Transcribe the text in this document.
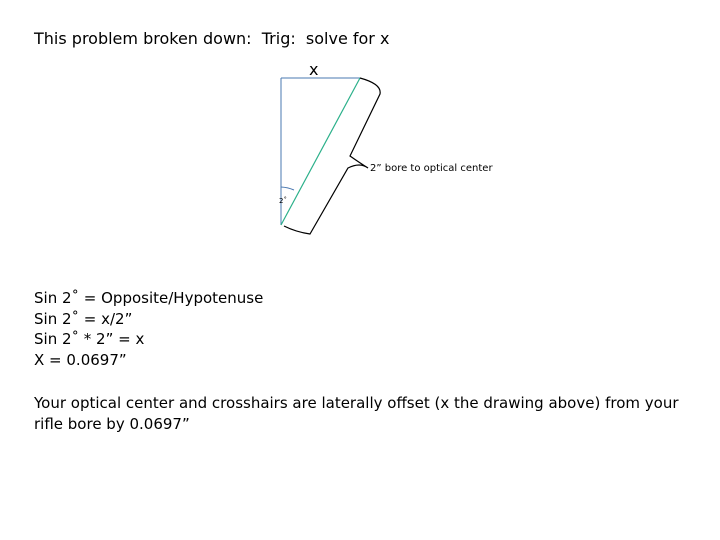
This problem broken down:  Trig:  solve for x
x
2” bore to optical center
2˚
Sin 2˚ = Opposite/Hypotenuse
Sin 2˚ = x/2”
Sin 2˚ * 2” = x
X = 0.0697”
Your optical center and crosshairs are laterally offset (x the drawing above) from your rifle bore by 0.0697”
